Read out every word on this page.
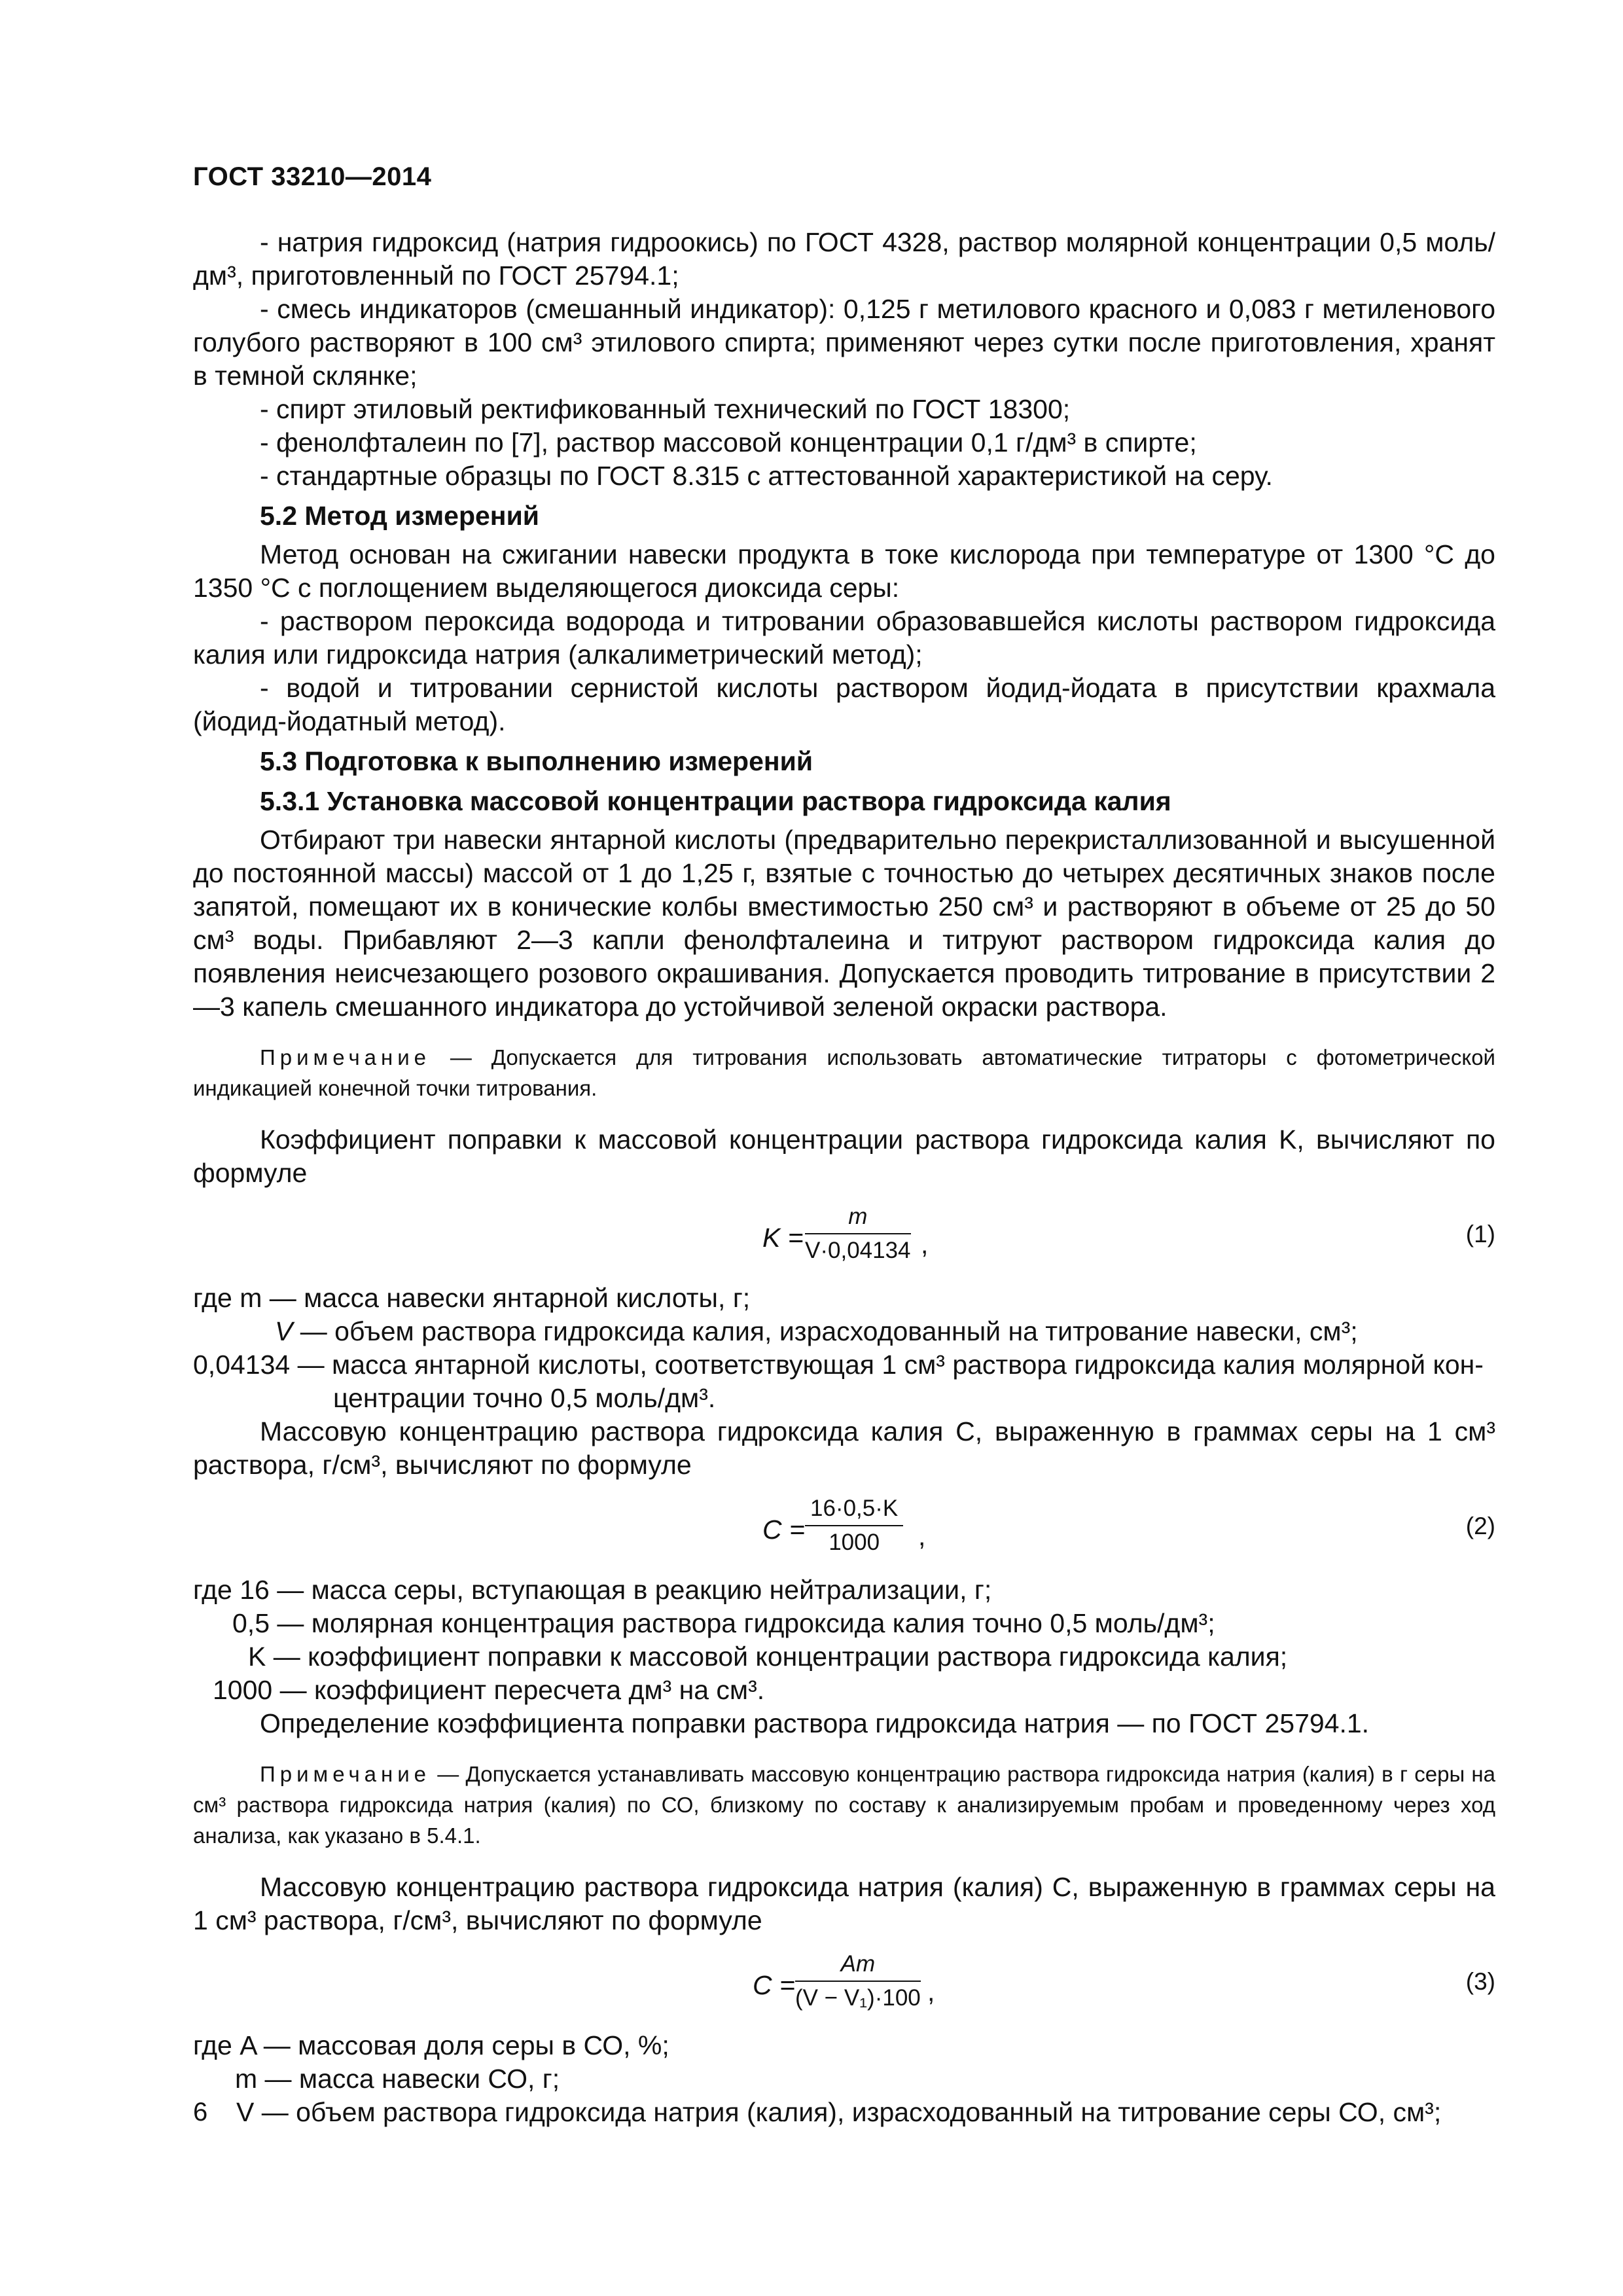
ГОСТ 33210—2014

- натрия гидроксид (натрия гидроокись) по ГОСТ 4328, раствор молярной концентрации 0,5 моль/дм³, приготовленный по ГОСТ 25794.1;

- смесь индикаторов (смешанный индикатор): 0,125 г метилового красного и 0,083 г метиленового голубого растворяют в 100 см³ этилового спирта; применяют через сутки после приготовления, хранят в темной склянке;

- спирт этиловый ректификованный технический по ГОСТ 18300;

- фенолфталеин по [7], раствор массовой концентрации 0,1 г/дм³ в спирте;

- стандартные образцы по ГОСТ 8.315 с аттестованной характеристикой на серу.

5.2 Метод измерений

Метод основан на сжигании навески продукта в токе кислорода при температуре от 1300 °С до 1350 °С с поглощением выделяющегося диоксида серы:

- раствором пероксида водорода и титровании образовавшейся кислоты раствором гидроксида калия или гидроксида натрия (алкалиметрический метод);

- водой и титровании сернистой кислоты раствором йодид-йодата в присутствии крахмала (йодид-йодатный метод).

5.3 Подготовка к выполнению измерений
5.3.1 Установка массовой концентрации раствора гидроксида калия

Отбирают три навески янтарной кислоты (предварительно перекристаллизованной и высушенной до постоянной массы) массой от 1 до 1,25 г, взятые с точностью до четырех десятичных знаков после запятой, помещают их в конические колбы вместимостью 250 см³ и растворяют в объеме от 25 до 50 см³ воды. Прибавляют 2—3 капли фенолфталеина и титруют раствором гидроксида калия до появления неисчезающего розового окрашивания. Допускается проводить титрование в присутствии 2—3 капель смешанного индикатора до устойчивой зеленой окраски раствора.

Примечание — Допускается для титрования использовать автоматические титраторы с фотометрической индикацией конечной точки титрования.

Коэффициент поправки к массовой концентрации раствора гидроксида калия K, вычисляют по формуле

$K = \frac{m}{V\cdot 0,04134}$ ,	(1)
где m — масса навески янтарной кислоты, г;
V — объем раствора гидроксида калия, израсходованный на титрование навески, см³;
0,04134 — масса янтарной кислоты, соответствующая 1 см³ раствора гидроксида калия молярной кон-
центрации точно 0,5 моль/дм³.

Массовую концентрацию раствора гидроксида калия C, выраженную в граммах серы на 1 см³ раствора, г/см³, вычисляют по формуле

$C = \frac{16\cdot 0,5\cdot K}{1000}$ ,	(2)
где 16 — масса серы, вступающая в реакцию нейтрализации, г;
0,5 — молярная концентрация раствора гидроксида калия точно 0,5 моль/дм³;
K — коэффициент поправки к массовой концентрации раствора гидроксида калия;
1000 — коэффициент пересчета дм³ на см³.

Определение коэффициента поправки раствора гидроксида натрия — по ГОСТ 25794.1.

Примечание — Допускается устанавливать массовую концентрацию раствора гидроксида натрия (калия) в г серы на см³ раствора гидроксида натрия (калия) по СО, близкому по составу к анализируемым пробам и проведенному через ход анализа, как указано в 5.4.1.

Массовую концентрацию раствора гидроксида натрия (калия) C, выраженную в граммах серы на 1 см³ раствора, г/см³, вычисляют по формуле

$C = \frac{Am}{\text{(V − V₁)·100}}$ ,	(3)
где A — массовая доля серы в СО, %;
m — масса навески СО, г;
V — объем раствора гидроксида натрия (калия), израсходованный на титрование серы СО, см³;
6
